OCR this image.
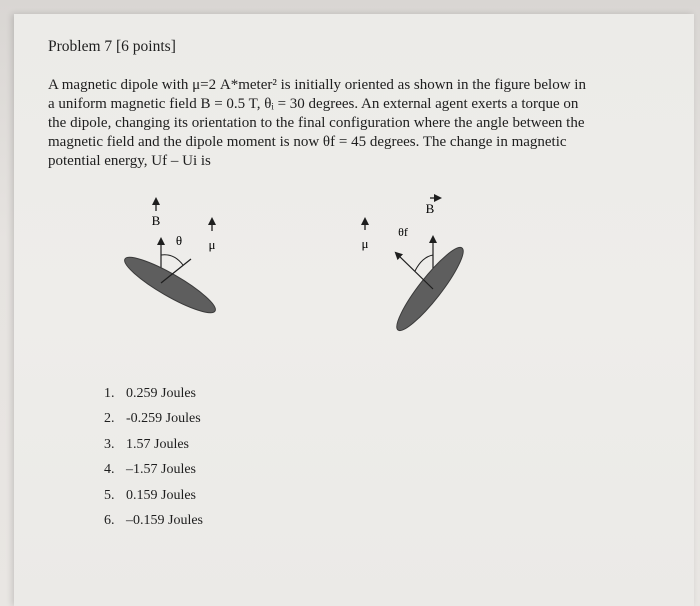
Problem 7 [6 points]

A magnetic dipole with μ=2 A*meter² is initially oriented as shown in the figure below in
a uniform magnetic field B = 0.5 T, θᵢ = 30 degrees. An external agent exerts a torque on
the dipole, changing its orientation to the final configuration where the angle between the
magnetic field and the dipole moment is now θf = 45 degrees. The change in magnetic
potential energy, Uf – Ui is

B
μ
θ
B
μ
θf
1. 0.259 Joules
2. -0.259 Joules
3. 1.57 Joules
4. –1.57 Joules
5. 0.159 Joules
6. –0.159 Joules
